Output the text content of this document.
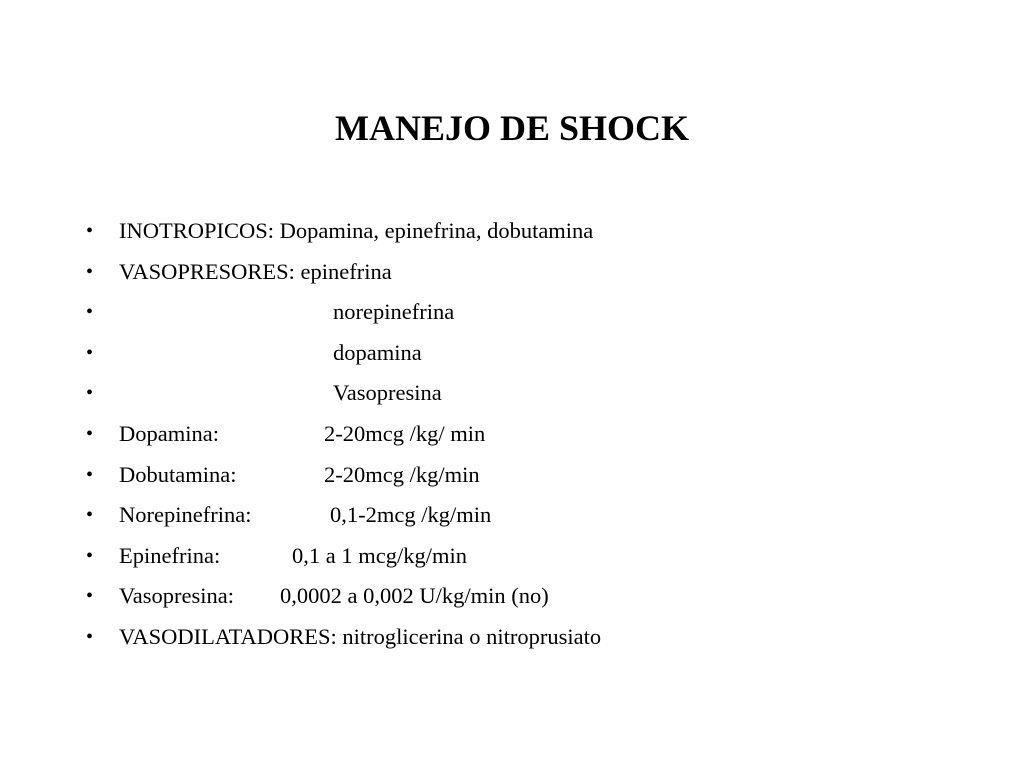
MANEJO DE SHOCK
• INOTROPICOS: Dopamina, epinefrina, dobutamina
• VASOPRESORES: epinefrina
•	norepinefrina
•	dopamina
•	Vasopresina
• Dopamina:	2-20mcg /kg/ min
• Dobutamina:	2-20mcg /kg/min
• Norepinefrina:	0,1-2mcg /kg/min
• Epinefrina:	0,1 a 1 mcg/kg/min
• Vasopresina: 0,0002 a 0,002 U/kg/min (no)
• VASODILATADORES: nitroglicerina o nitroprusiato
